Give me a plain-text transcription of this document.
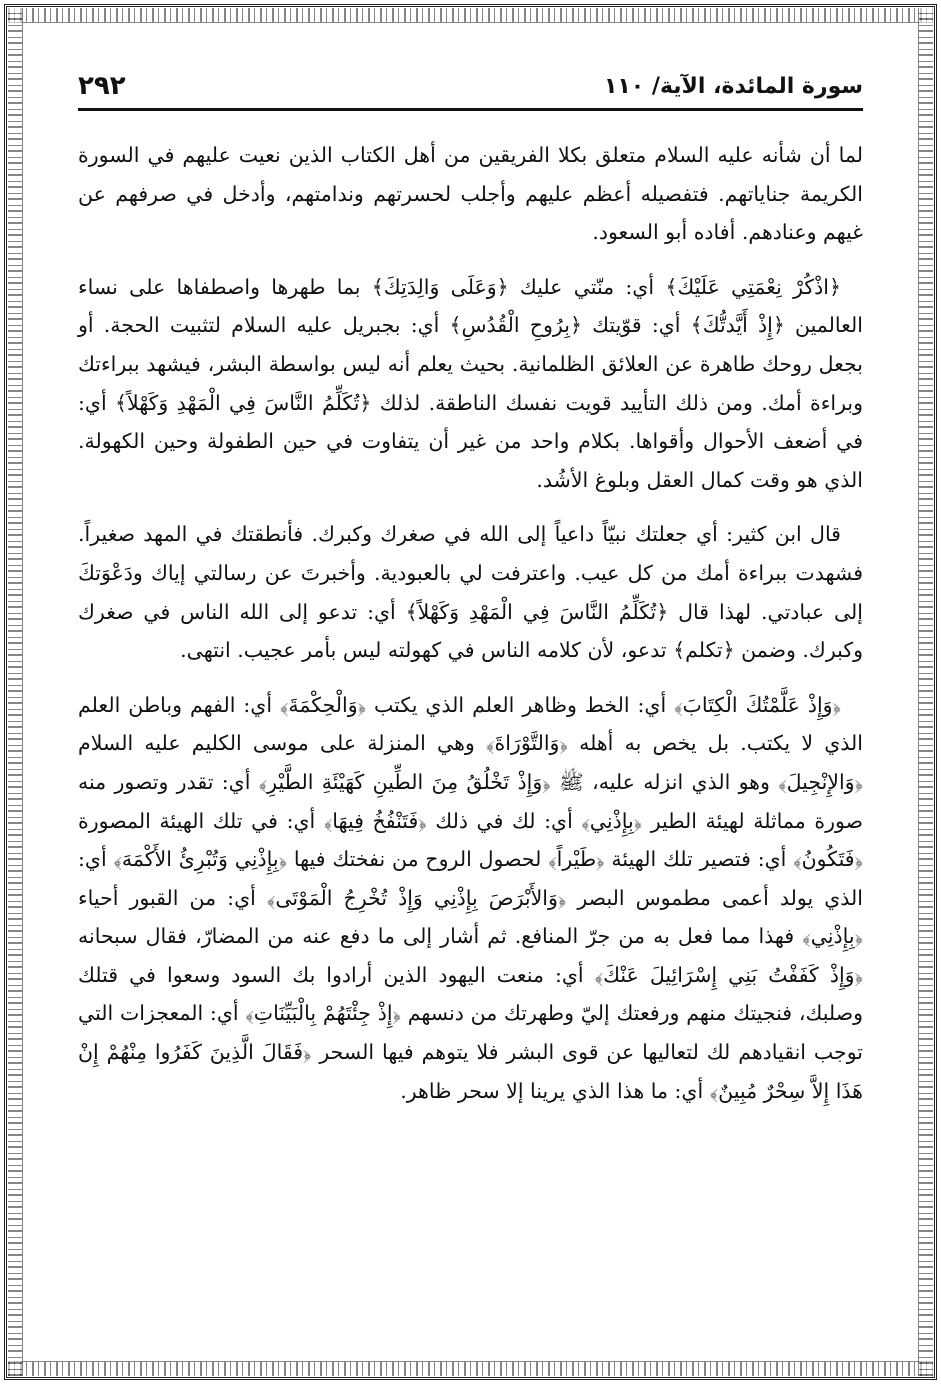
٢٩٢	سورة المائدة، الآية/ ١١٠

لما أن شأنه عليه السلام متعلق بكلا الفريقين من أهل الكتاب الذين نعيت عليهم في السورة الكريمة جناياتهم. فتفصيله أعظم عليهم وأجلب لحسرتهم وندامتهم، وأدخل في صرفهم عن غيهم وعنادهم. أفاده أبو السعود.

﴿اذْكُرْ نِعْمَتِي عَلَيْكَ﴾ أي: منّتي عليك ﴿وَعَلَى وَالِدَتِكَ﴾ بما طهرها واصطفاها على نساء العالمين ﴿إِذْ أَيَّدتُّكَ﴾ أي: قوّيتك ﴿بِرُوحِ الْقُدُسِ﴾ أي: بجبريل عليه السلام لتثبيت الحجة. أو بجعل روحك طاهرة عن العلائق الظلمانية. بحيث يعلم أنه ليس بواسطة البشر، فيشهد ببراءتك وبراءة أمك. ومن ذلك التأييد قويت نفسك الناطقة. لذلك ﴿تُكَلِّمُ النَّاسَ فِي الْمَهْدِ وَكَهْلاً﴾ أي: في أضعف الأحوال وأقواها. بكلام واحد من غير أن يتفاوت في حين الطفولة وحين الكهولة. الذي هو وقت كمال العقل وبلوغ الأشُد.

قال ابن كثير: أي جعلتك نبيّاً داعياً إلى الله في صغرك وكبرك. فأنطقتك في المهد صغيراً. فشهدت ببراءة أمك من كل عيب. واعترفت لي بالعبودية. وأخبرتَ عن رسالتي إياك ودَعْوَتكَ إلى عبادتي. لهذا قال ﴿تُكَلِّمُ النَّاسَ فِي الْمَهْدِ وَكَهْلاً﴾ أي: تدعو إلى الله الناس في صغرك وكبرك. وضمن ﴿تكلم﴾ تدعو، لأن كلامه الناس في كهولته ليس بأمر عجيب. انتهى.

﴿وَإِذْ عَلَّمْتُكَ الْكِتَابَ﴾ أي: الخط وظاهر العلم الذي يكتب ﴿وَالْحِكْمَةَ﴾ أي: الفهم وباطن العلم الذي لا يكتب. بل يخص به أهله ﴿وَالتَّوْرَاةَ﴾ وهي المنزلة على موسى الكليم عليه السلام ﴿وَالإِنْجِيلَ﴾ وهو الذي انزله عليه، ﷺ ﴿وَإِذْ تَخْلُقُ مِنَ الطِّينِ كَهَيْئَةِ الطَّيْرِ﴾ أي: تقدر وتصور منه صورة مماثلة لهيئة الطير ﴿بِإِذْنِي﴾ أي: لك في ذلك ﴿فَتَنْفُخُ فِيهَا﴾ أي: في تلك الهيئة المصورة ﴿فَتَكُونُ﴾ أي: فتصير تلك الهيئة ﴿طَيْراً﴾ لحصول الروح من نفختك فيها ﴿بِإِذْنِي وَتُبْرِئُ الأَكْمَهَ﴾ أي: الذي يولد أعمى مطموس البصر ﴿وَالأَبْرَصَ بِإِذْنِي وَإِذْ تُخْرِجُ الْمَوْتَى﴾ أي: من القبور أحياء ﴿بِإِذْنِي﴾ فهذا مما فعل به من جرّ المنافع. ثم أشار إلى ما دفع عنه من المضارّ، فقال سبحانه ﴿وَإِذْ كَفَفْتُ بَنِي إِسْرَائِيلَ عَنْكَ﴾ أي: منعت اليهود الذين أرادوا بك السود وسعوا في قتلك وصلبك، فنجيتك منهم ورفعتك إليّ وطهرتك من دنسهم ﴿إِذْ جِئْتَهُمْ بِالْبَيِّنَاتِ﴾ أي: المعجزات التي توجب انقيادهم لك لتعاليها عن قوى البشر فلا يتوهم فيها السحر ﴿فَقَالَ الَّذِينَ كَفَرُوا مِنْهُمْ إِنْ هَذَا إِلاَّ سِحْرٌ مُبِينٌ﴾ أي: ما هذا الذي يرينا إلا سحر ظاهر.
